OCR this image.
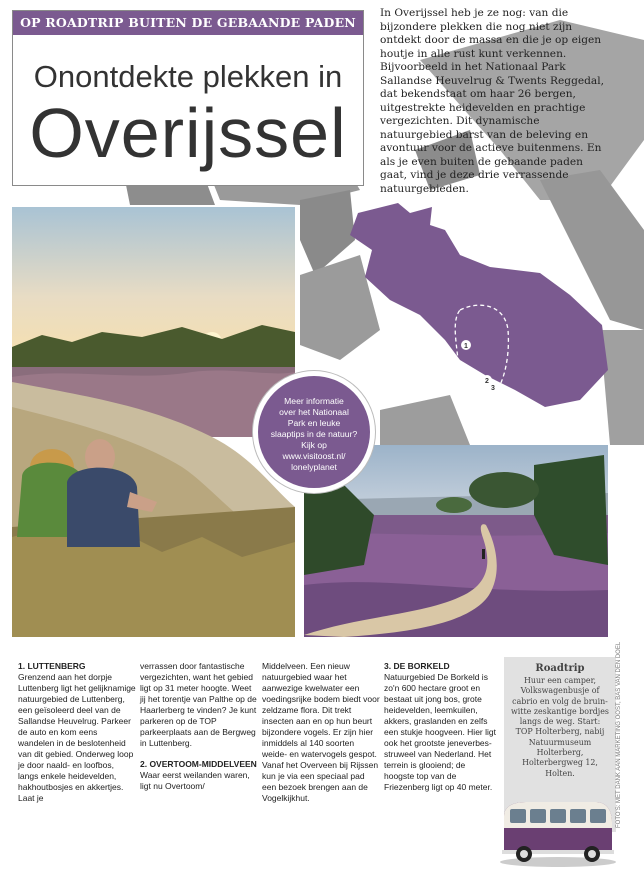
OP ROADTRIP BUITEN DE GEBAANDE PADEN
Onontdekte plekken in
Overijssel
In Overijssel heb je ze nog: van die bijzondere plekken die nog niet zijn ontdekt door de massa en die je op eigen houtje in alle rust kunt verkennen. Bijvoorbeeld in het Nationaal Park Sallandse Heuvelrug & Twents Reggedal, dat bekendstaat om haar 26 bergen, uitgestrekte heidevelden en prachtige vergezichten. Dit dynamische natuurgebied barst van de beleving en avontuur voor de actieve buitenmens. En als je even buiten de gebaande paden gaat, vind je deze drie verrassende natuurgebieden.
1
2
3
Meer informatie
over het Nationaal
Park en leuke
slaaptips in de natuur?
Kijk op
www.visitoost.nl/
lonelyplanet
1. LUTTENBERG

Grenzend aan het dorpje Luttenberg ligt het gelijknamige natuurgebied de Luttenberg, een geïsoleerd deel van de Sallandse Heuvelrug. Parkeer de auto en kom eens wandelen in de beslotenheid van dit gebied. Onderweg loop je door naald- en loofbos, langs enkele heidevelden, hakhoutbosjes en akkertjes. Laat je

verrassen door fantastische vergezichten, want het gebied ligt op 31 meter hoogte. Weet jij het torentje van Palthe op de Haarlerberg te vinden? Je kunt parkeren op de TOP parkeerplaats aan de Bergweg in Luttenberg.

2. OVERTOOM-MIDDELVEEN

Waar eerst weilanden waren, ligt nu Overtoom/

Middelveen. Een nieuw natuurgebied waar het aanwezige kwelwater een voedingsrijke bodem biedt voor zeldzame flora. Dit trekt insecten aan en op hun beurt bijzondere vogels. Er zijn hier inmiddels al 140 soorten weide- en watervogels gespot. Vanaf het Overveen bij Rijssen kun je via een speciaal pad een bezoek brengen aan de Vogelkijkhut.

3. DE BORKELD

Natuurgebied De Borkeld is zo'n 600 hectare groot en bestaat uit jong bos, grote heidevelden, leemkuilen, akkers, graslanden en zelfs een stukje hoogveen. Hier ligt ook het grootste jeneverbes-struweel van Nederland. Het terrein is glooiend; de hoogste top van de Friezenberg ligt op 40 meter.

Roadtrip

Huur een camper, Volkswagenbusje of cabrio en volg de bruin-witte zeskantige bordjes langs de weg. Start: TOP Holterberg, nabij Natuurmuseum Holterberg, Holterbergweg 12, Holten.	FOTO'S: MET DANK AAN MARKETING OOST, BAS VAN DEN DOEL
